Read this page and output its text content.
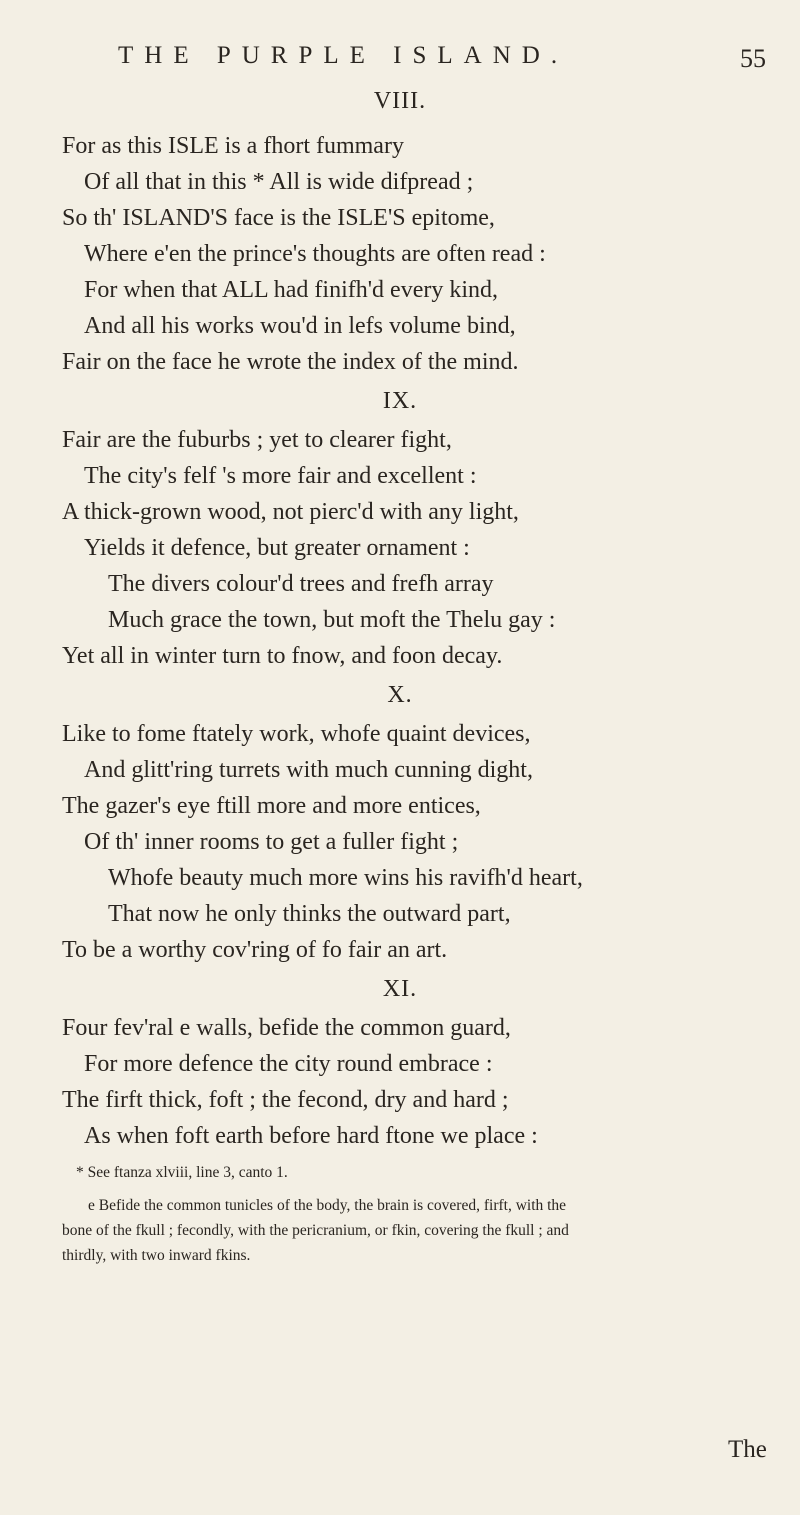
THE PURPLE ISLAND.	55
VIII.
For as this ISLE is a fhort fummary
Of all that in this * All is wide difpread ;
So th' ISLAND'S face is the ISLE'S epitome,
Where e'en the prince's thoughts are often read :
For when that ALL had finifh'd every kind,
And all his works wou'd in lefs volume bind,
Fair on the face he wrote the index of the mind.
IX.
Fair are the fuburbs ; yet to clearer fight,
The city's felf 's more fair and excellent :
A thick-grown wood, not pierc'd with any light,
Yields it defence, but greater ornament :
The divers colour'd trees and frefh array
Much grace the town, but moft the Thelu gay :
Yet all in winter turn to fnow, and foon decay.
X.
Like to fome ftately work, whofe quaint devices,
And glitt'ring turrets with much cunning dight,
The gazer's eye ftill more and more entices,
Of th' inner rooms to get a fuller fight ;
Whofe beauty much more wins his ravifh'd heart,
That now he only thinks the outward part,
To be a worthy cov'ring of fo fair an art.
XI.
Four fev'ral e walls, befide the common guard,
For more defence the city round embrace :
The firft thick, foft ; the fecond, dry and hard ;
As when foft earth before hard ftone we place :
* See ftanza xlviii, line 3, canto 1.
e Befide the common tunicles of the body, the brain is covered, firft, with the
bone of the fkull ; fecondly, with the pericranium, or fkin, covering the fkull ; and
thirdly, with two inward fkins.
The
